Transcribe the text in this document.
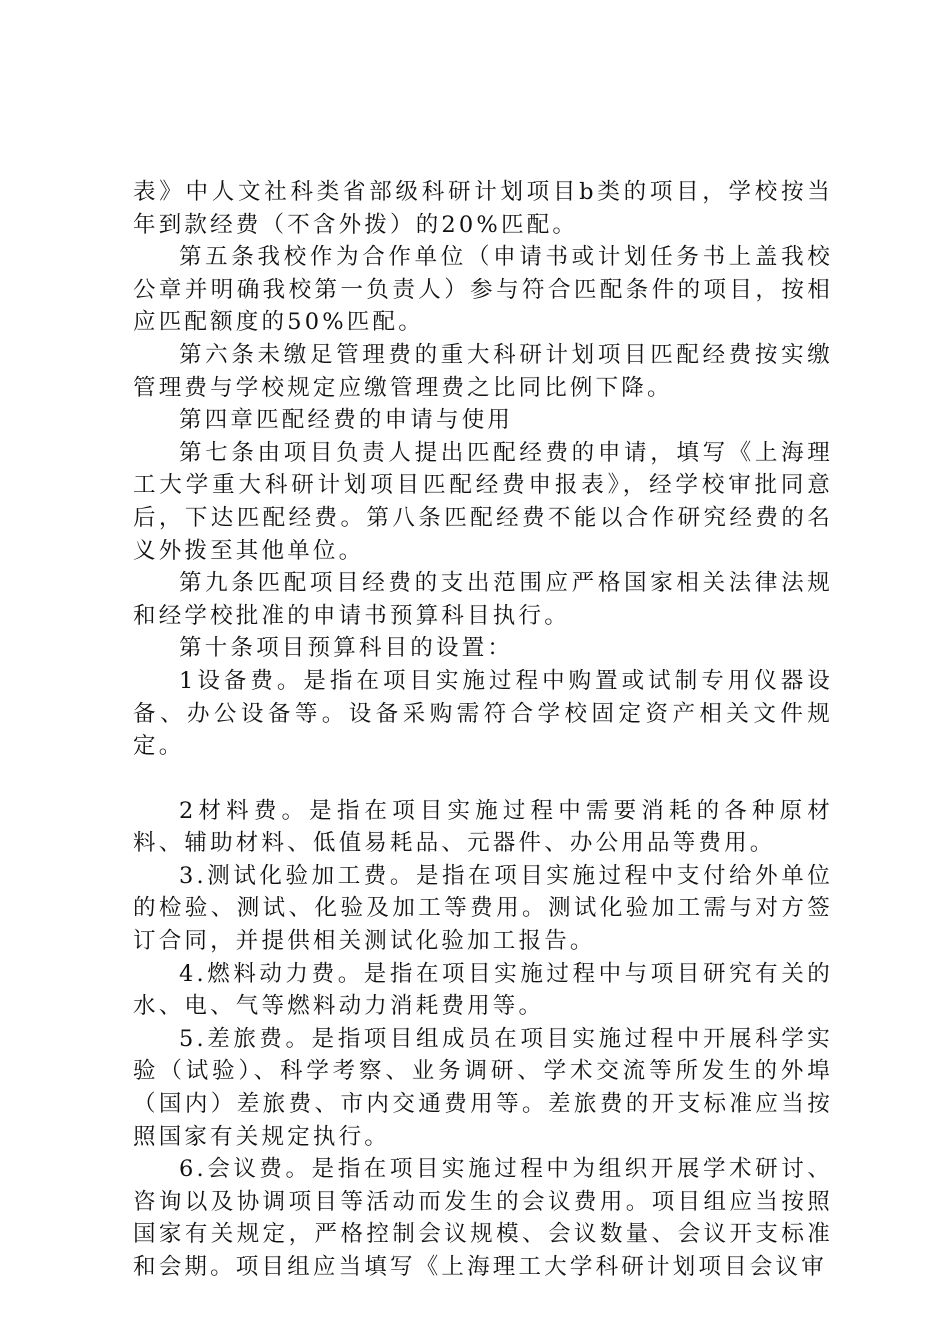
表》中人文社科类省部级科研计划项目b类的项目，学校按当年到款经费（不含外拨）的20%匹配。

第五条我校作为合作单位（申请书或计划任务书上盖我校公章并明确我校第一负责人）参与符合匹配条件的项目，按相应匹配额度的50%匹配。

第六条未缴足管理费的重大科研计划项目匹配经费按实缴管理费与学校规定应缴管理费之比同比例下降。

第四章匹配经费的申请与使用

第七条由项目负责人提出匹配经费的申请，填写《上海理工大学重大科研计划项目匹配经费申报表》，经学校审批同意后，下达匹配经费。第八条匹配经费不能以合作研究经费的名义外拨至其他单位。

第九条匹配项目经费的支出范围应严格国家相关法律法规和经学校批准的申请书预算科目执行。

第十条项目预算科目的设置：

1设备费。是指在项目实施过程中购置或试制专用仪器设备、办公设备等。设备采购需符合学校固定资产相关文件规定。

2材料费。是指在项目实施过程中需要消耗的各种原材料、辅助材料、低值易耗品、元器件、办公用品等费用。

3.测试化验加工费。是指在项目实施过程中支付给外单位的检验、测试、化验及加工等费用。测试化验加工需与对方签订合同，并提供相关测试化验加工报告。

4.燃料动力费。是指在项目实施过程中与项目研究有关的水、电、气等燃料动力消耗费用等。

5.差旅费。是指项目组成员在项目实施过程中开展科学实验（试验）、科学考察、业务调研、学术交流等所发生的外埠（国内）差旅费、市内交通费用等。差旅费的开支标准应当按照国家有关规定执行。

6.会议费。是指在项目实施过程中为组织开展学术研讨、咨询以及协调项目等活动而发生的会议费用。项目组应当按照国家有关规定，严格控制会议规模、会议数量、会议开支标准和会期。项目组应当填写《上海理工大学科研计划项目会议审
